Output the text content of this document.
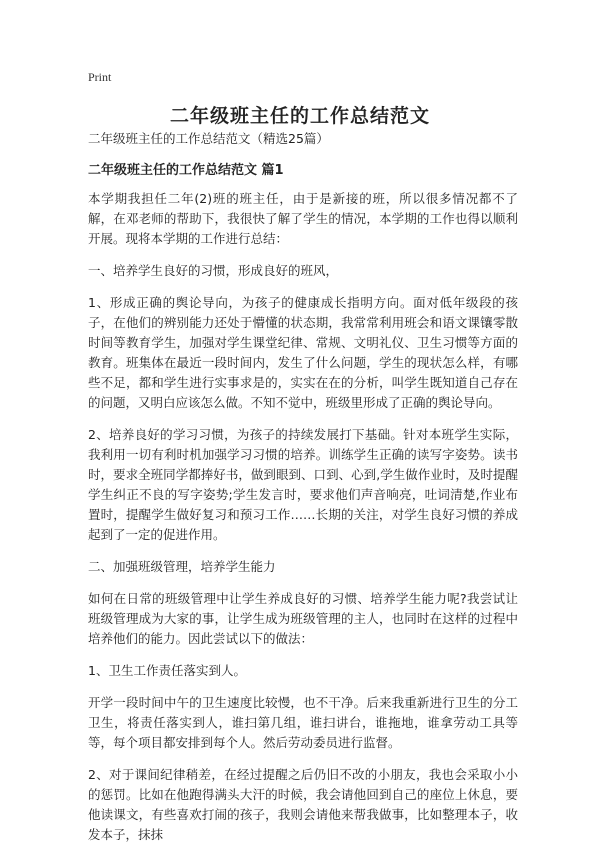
Print
二年级班主任的工作总结范文

二年级班主任的工作总结范文（精选25篇）

二年级班主任的工作总结范文 篇1

本学期我担任二年(2)班的班主任，由于是新接的班，所以很多情况都不了解，在邓老师的帮助下，我很快了解了学生的情况，本学期的工作也得以顺利开展。现将本学期的工作进行总结：

一、培养学生良好的习惯，形成良好的班风，

1、形成正确的舆论导向，为孩子的健康成长指明方向。面对低年级段的孩子，在他们的辨别能力还处于懵懂的状态期，我常常利用班会和语文课镶零散时间等教育学生，加强对学生课堂纪律、常规、文明礼仪、卫生习惯等方面的教育。班集体在最近一段时间内，发生了什么问题，学生的现状怎么样，有哪些不足，都和学生进行实事求是的，实实在在的分析，叫学生既知道自己存在的问题，又明白应该怎么做。不知不觉中，班级里形成了正确的舆论导向。

2、培养良好的学习习惯，为孩子的持续发展打下基础。针对本班学生实际，我利用一切有利时机加强学习习惯的培养。训练学生正确的读写字姿势。读书时，要求全班同学都捧好书，做到眼到、口到、心到,学生做作业时，及时提醒学生纠正不良的写字姿势;学生发言时，要求他们声音响亮，吐词清楚,作业布置时，提醒学生做好复习和预习工作……长期的关注，对学生良好习惯的养成起到了一定的促进作用。

二、加强班级管理，培养学生能力

如何在日常的班级管理中让学生养成良好的习惯、培养学生能力呢?我尝试让班级管理成为大家的事，让学生成为班级管理的主人，也同时在这样的过程中培养他们的能力。因此尝试以下的做法：

1、卫生工作责任落实到人。

开学一段时间中午的卫生速度比较慢，也不干净。后来我重新进行卫生的分工卫生，将责任落实到人，谁扫第几组，谁扫讲台，谁拖地，谁拿劳动工具等等，每个项目都安排到每个人。然后劳动委员进行监督。

2、对于课间纪律稍差，在经过提醒之后仍旧不改的小朋友，我也会采取小小的惩罚。比如在他跑得满头大汗的时候，我会请他回到自己的座位上休息，要他读课文，有些喜欢打闹的孩子，我则会请他来帮我做事，比如整理本子，收发本子，抹抹
